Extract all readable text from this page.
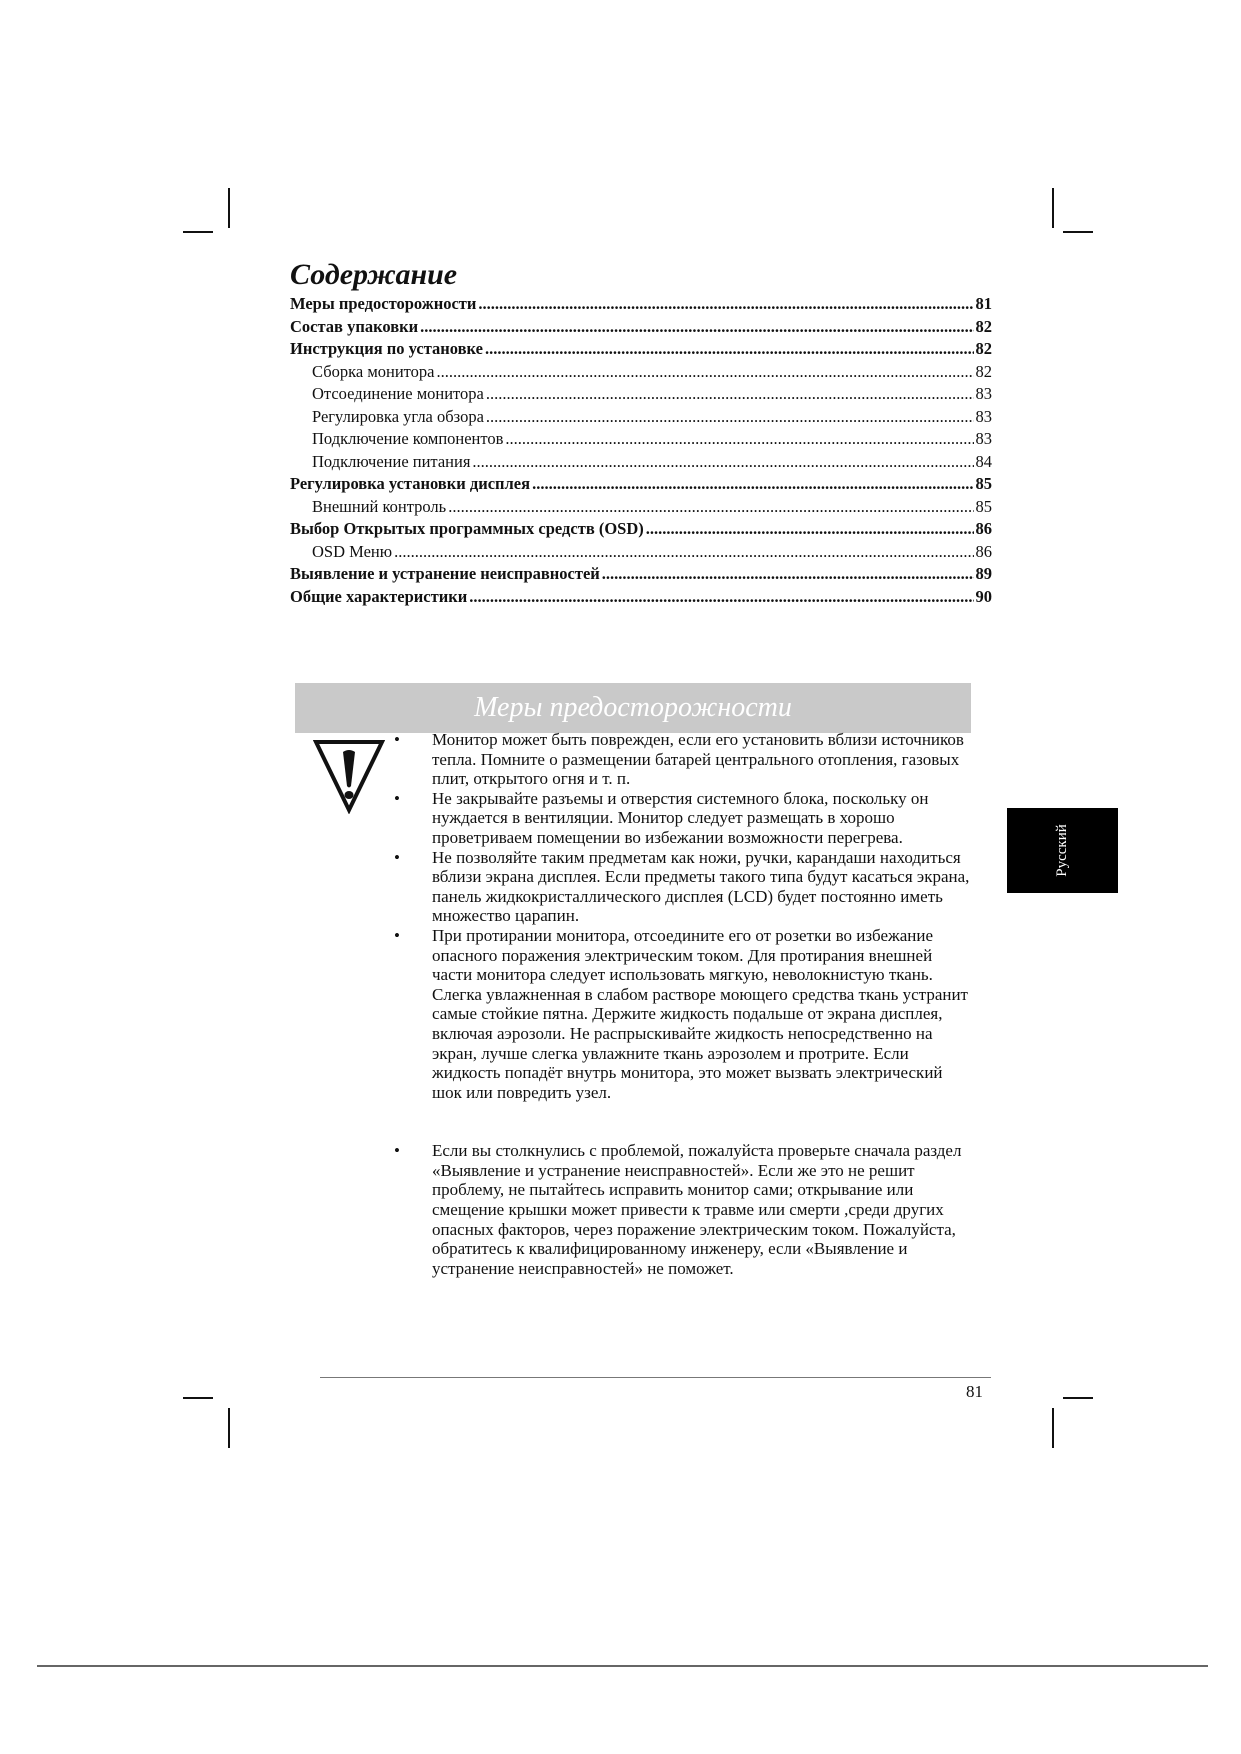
Содержание
Меры предосторожности .....	81
Состав упаковки .....	82
Инструкция по установке .....	82
Сборка монитора .....	82
Отсоединение монитора .....	83
Регулировка угла обзора .....	83
Подключение компонентов .....	83
Подключение питания .....	84
Регулировка установки дисплея .....	85
Внешний контроль .....	85
Выбор Открытых программных средств (OSD) .....	86
OSD Меню .....	86
Выявление и устранение неисправностей .....	89
Общие характеристики .....	90
Меры предосторожности
• Монитор может быть поврежден, если его установить вблизи источников тепла. Помните о размещении батарей центрального отопления, газовых плит, открытого огня и т. п.
• Не закрывайте разъемы и отверстия системного блока, поскольку он нуждается в вентиляции. Монитор следует размещать в хорошо проветриваем помещении во избежании возможности перегрева.
• Не позволяйте таким предметам как ножи, ручки, карандаши находиться вблизи экрана дисплея. Если предметы такого типа будут касаться экрана, панель жидкокристаллического дисплея (LCD) будет постоянно иметь множество царапин.
• При протирании монитора, отсоедините его от розетки во избежание опасного поражения электрическим током. Для протирания внешней части монитора следует использовать мягкую, неволокнистую ткань. Слегка увлажненная в слабом растворе моющего средства ткань устранит самые стойкие пятна. Держите жидкость подальше от экрана дисплея, включая аэрозоли. Не распрыскивайте жидкость непосредственно на экран, лучше слегка увлажните ткань аэрозолем и протрите. Если жидкость попадёт внутрь монитора, это может вызвать электрический шок или повредить узел.
• Если вы столкнулись с проблемой, пожалуйста проверьте сначала раздел «Выявление и устранение неисправностей». Если же это не решит проблему, не пытайтесь исправить монитор сами; открывание или смещение крышки может привести к травме или смерти ,среди других опасных факторов, через поражение электрическим током. Пожалуйста, обратитесь к квалифицированному инженеру, если «Выявление и устранение неисправностей» не поможет.
Русский
81
